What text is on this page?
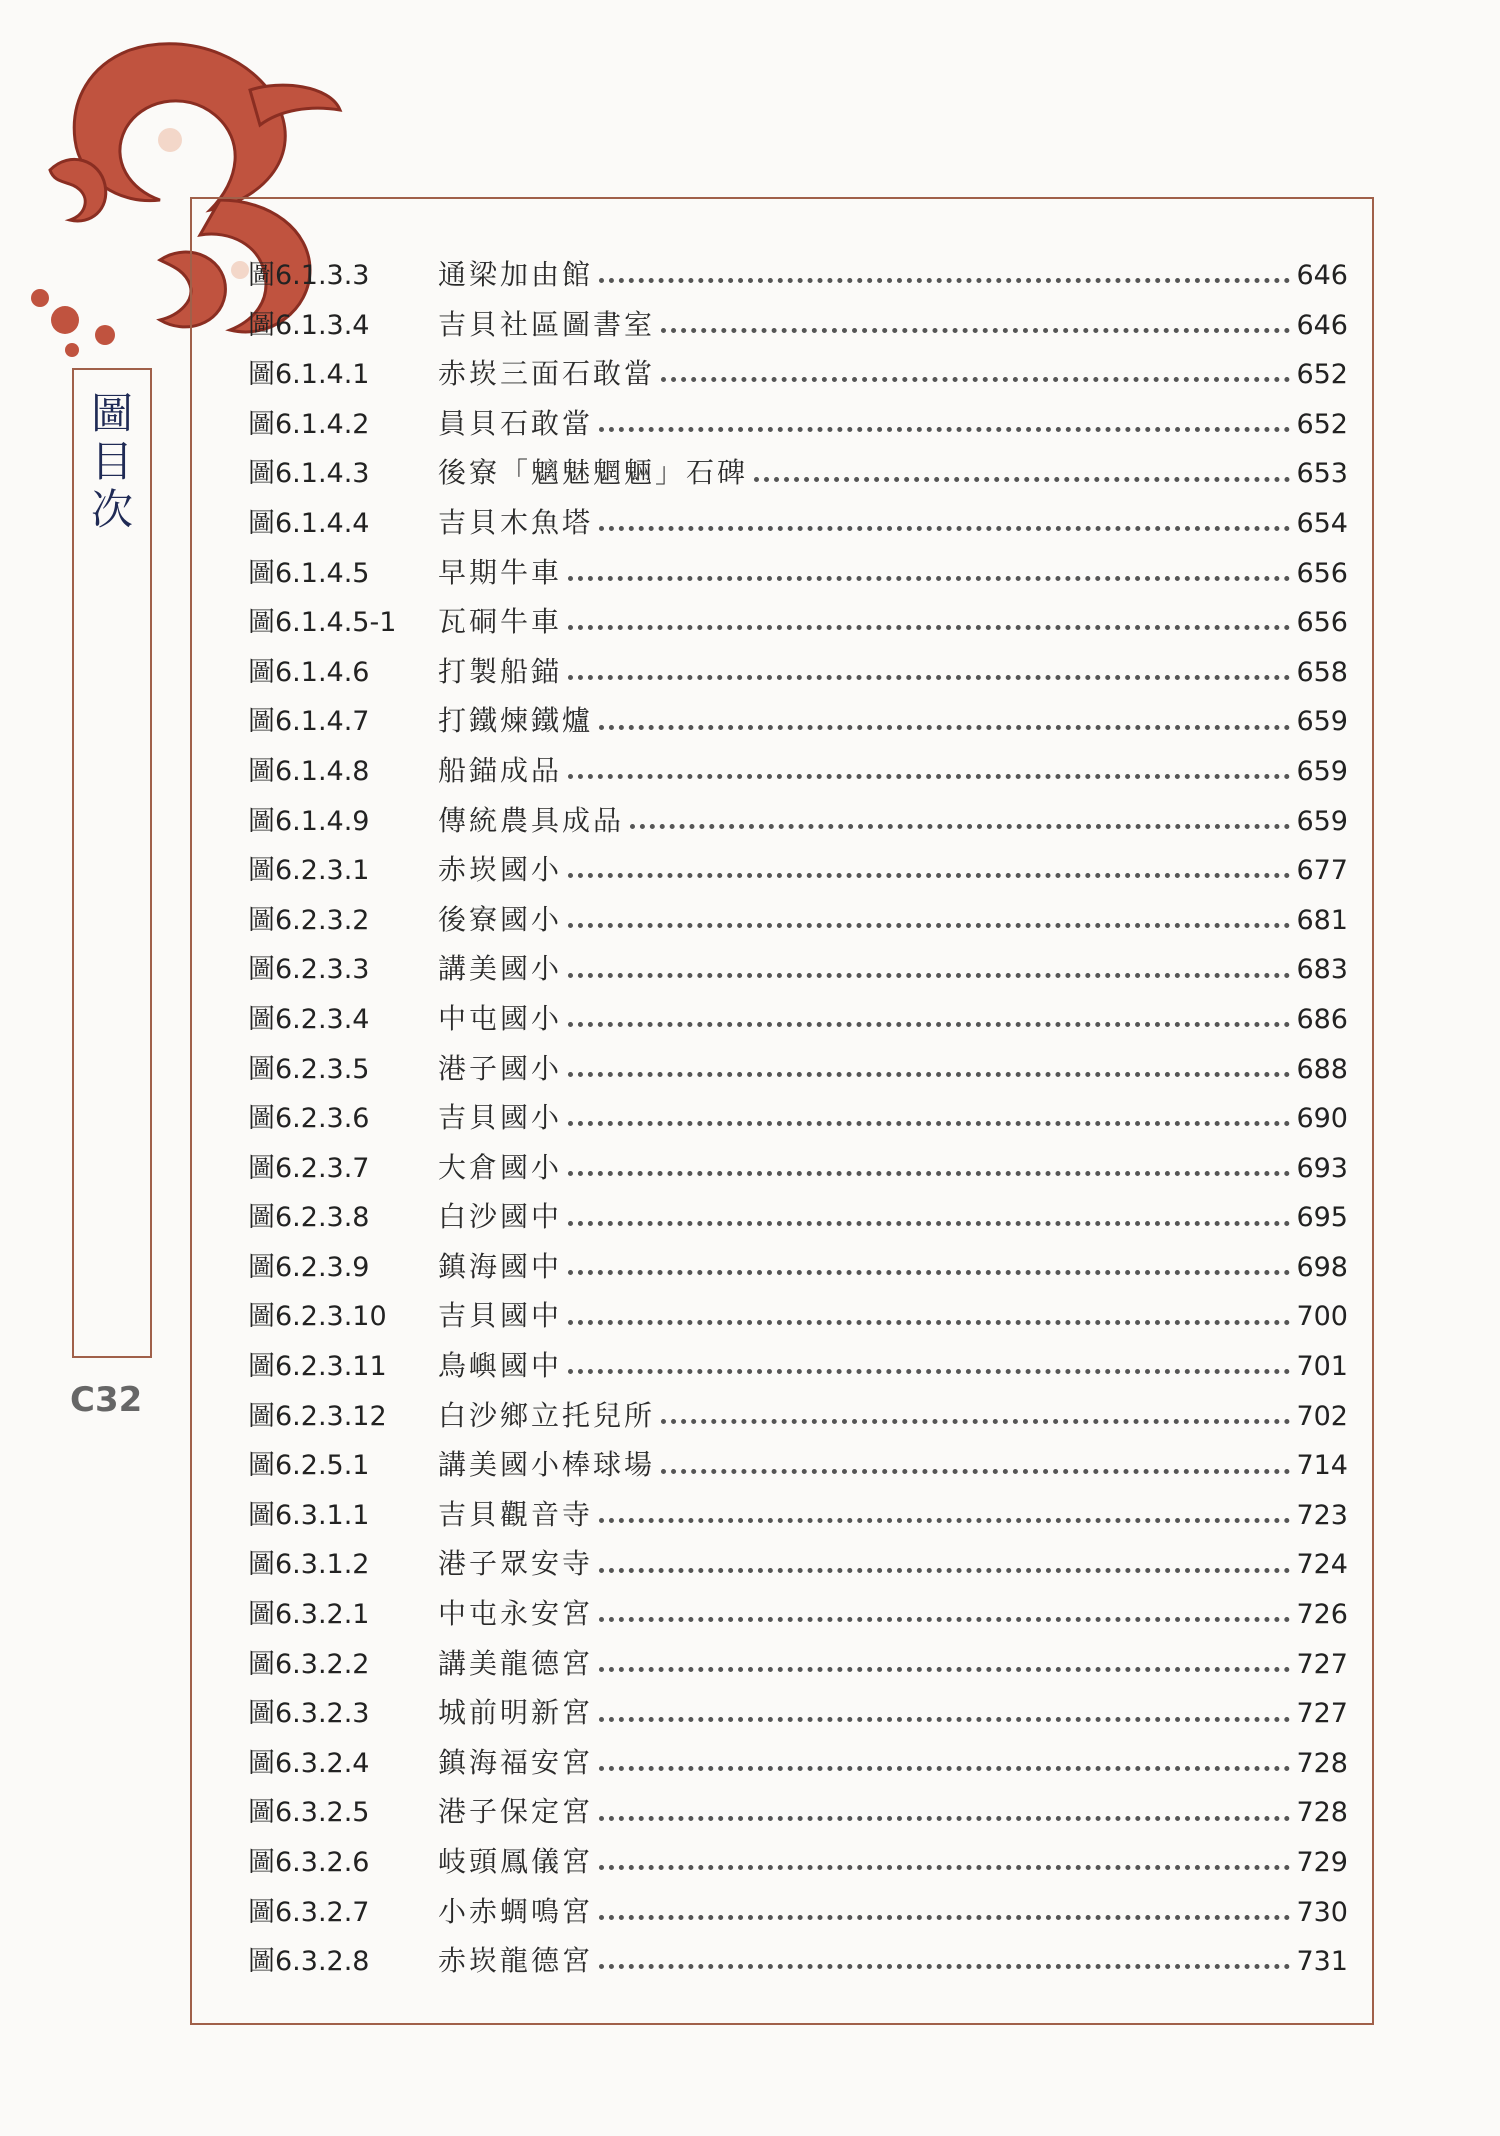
圖
目
次
C32
圖6.1.3.3	通梁加由館	646
圖6.1.3.4	吉貝社區圖書室	646
圖6.1.4.1	赤崁三面石敢當	652
圖6.1.4.2	員貝石敢當	652
圖6.1.4.3	後寮「魑魅魍魎」石碑	653
圖6.1.4.4	吉貝木魚塔	654
圖6.1.4.5	早期牛車	656
圖6.1.4.5-1	瓦硐牛車	656
圖6.1.4.6	打製船錨	658
圖6.1.4.7	打鐵煉鐵爐	659
圖6.1.4.8	船錨成品	659
圖6.1.4.9	傳統農具成品	659
圖6.2.3.1	赤崁國小	677
圖6.2.3.2	後寮國小	681
圖6.2.3.3	講美國小	683
圖6.2.3.4	中屯國小	686
圖6.2.3.5	港子國小	688
圖6.2.3.6	吉貝國小	690
圖6.2.3.7	大倉國小	693
圖6.2.3.8	白沙國中	695
圖6.2.3.9	鎮海國中	698
圖6.2.3.10	吉貝國中	700
圖6.2.3.11	鳥嶼國中	701
圖6.2.3.12	白沙鄉立托兒所	702
圖6.2.5.1	講美國小棒球場	714
圖6.3.1.1	吉貝觀音寺	723
圖6.3.1.2	港子眾安寺	724
圖6.3.2.1	中屯永安宮	726
圖6.3.2.2	講美龍德宮	727
圖6.3.2.3	城前明新宮	727
圖6.3.2.4	鎮海福安宮	728
圖6.3.2.5	港子保定宮	728
圖6.3.2.6	岐頭鳳儀宮	729
圖6.3.2.7	小赤蜩鳴宮	730
圖6.3.2.8	赤崁龍德宮	731
